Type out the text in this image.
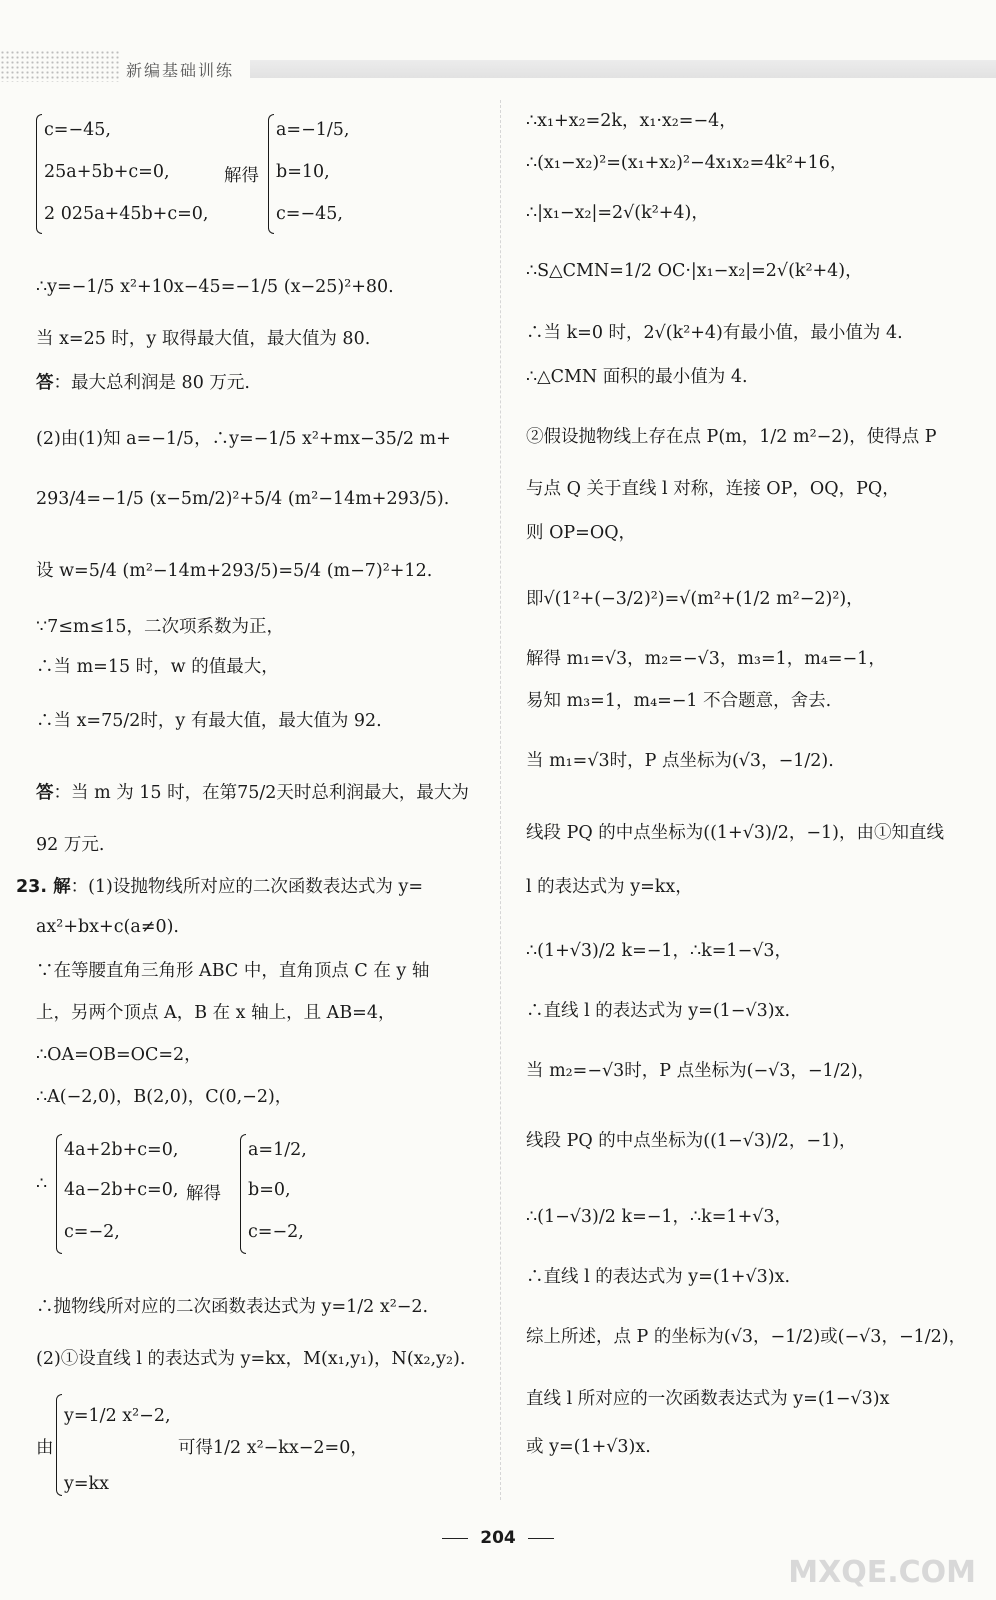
新编基础训练
c=−45,
25a+5b+c=0,
2 025a+45b+c=0,
解得
a=−1/5,
b=10,
c=−45,
∴y=−1/5 x²+10x−45=−1/5 (x−25)²+80.
当 x=25 时，y 取得最大值，最大值为 80.
答：最大总利润是 80 万元.
(2)由(1)知 a=−1/5，∴y=−1/5 x²+mx−35/2 m+
293/4=−1/5 (x−5m/2)²+5/4 (m²−14m+293/5).
设 w=5/4 (m²−14m+293/5)=5/4 (m−7)²+12.
∵7≤m≤15，二次项系数为正，
∴当 m=15 时，w 的值最大，
∴当 x=75/2时，y 有最大值，最大值为 92.
答：当 m 为 15 时，在第75/2天时总利润最大，最大为
92 万元.
23. 解：(1)设抛物线所对应的二次函数表达式为 y=
ax²+bx+c(a≠0).
∵在等腰直角三角形 ABC 中，直角顶点 C 在 y 轴
上，另两个顶点 A，B 在 x 轴上，且 AB=4，
∴OA=OB=OC=2，
∴A(−2,0)，B(2,0)，C(0,−2)，
∴
4a+2b+c=0,
4a−2b+c=0,
c=−2,
解得
a=1/2,
b=0,
c=−2,
∴抛物线所对应的二次函数表达式为 y=1/2 x²−2.
(2)①设直线 l 的表达式为 y=kx，M(x₁,y₁)，N(x₂,y₂).
由
y=1/2 x²−2,
y=kx
可得1/2 x²−kx−2=0，
∴x₁+x₂=2k，x₁·x₂=−4，
∴(x₁−x₂)²=(x₁+x₂)²−4x₁x₂=4k²+16，
∴|x₁−x₂|=2√(k²+4)，
∴S△CMN=1/2 OC·|x₁−x₂|=2√(k²+4)，
∴当 k=0 时，2√(k²+4)有最小值，最小值为 4.
∴△CMN 面积的最小值为 4.
②假设抛物线上存在点 P(m，1/2 m²−2)，使得点 P
与点 Q 关于直线 l 对称，连接 OP，OQ，PQ，
则 OP=OQ，
即√(1²+(−3/2)²)=√(m²+(1/2 m²−2)²)，
解得 m₁=√3，m₂=−√3，m₃=1，m₄=−1，
易知 m₃=1，m₄=−1 不合题意，舍去.
当 m₁=√3时，P 点坐标为(√3，−1/2).
线段 PQ 的中点坐标为((1+√3)/2，−1)，由①知直线
l 的表达式为 y=kx，
∴(1+√3)/2 k=−1，∴k=1−√3，
∴直线 l 的表达式为 y=(1−√3)x.
当 m₂=−√3时，P 点坐标为(−√3，−1/2)，
线段 PQ 的中点坐标为((1−√3)/2，−1)，
∴(1−√3)/2 k=−1，∴k=1+√3，
∴直线 l 的表达式为 y=(1+√3)x.
综上所述，点 P 的坐标为(√3，−1/2)或(−√3，−1/2)，
直线 l 所对应的一次函数表达式为 y=(1−√3)x
或 y=(1+√3)x.
204
MXQE.COM
